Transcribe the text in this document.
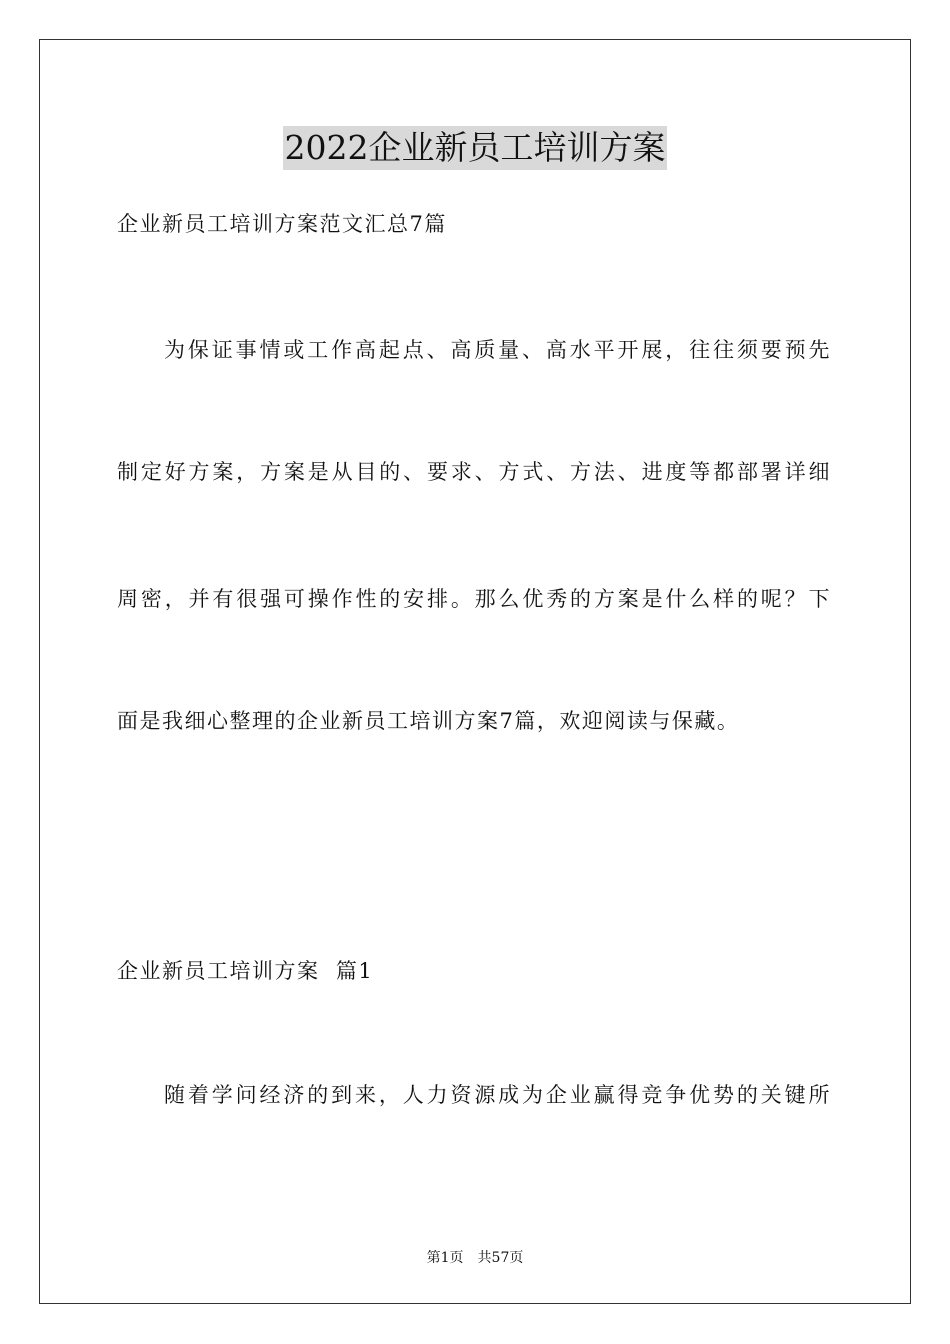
2022企业新员工培训方案

企业新员工培训方案范文汇总7篇

为保证事情或工作高起点、高质量、高水平开展，往往须要预先

制定好方案，方案是从目的、要求、方式、方法、进度等都部署详细

周密，并有很强可操作性的安排。那么优秀的方案是什么样的呢？下

面是我细心整理的企业新员工培训方案7篇，欢迎阅读与保藏。

企业新员工培训方案  篇1

随着学问经济的到来，人力资源成为企业赢得竞争优势的关键所

第1页 共57页
